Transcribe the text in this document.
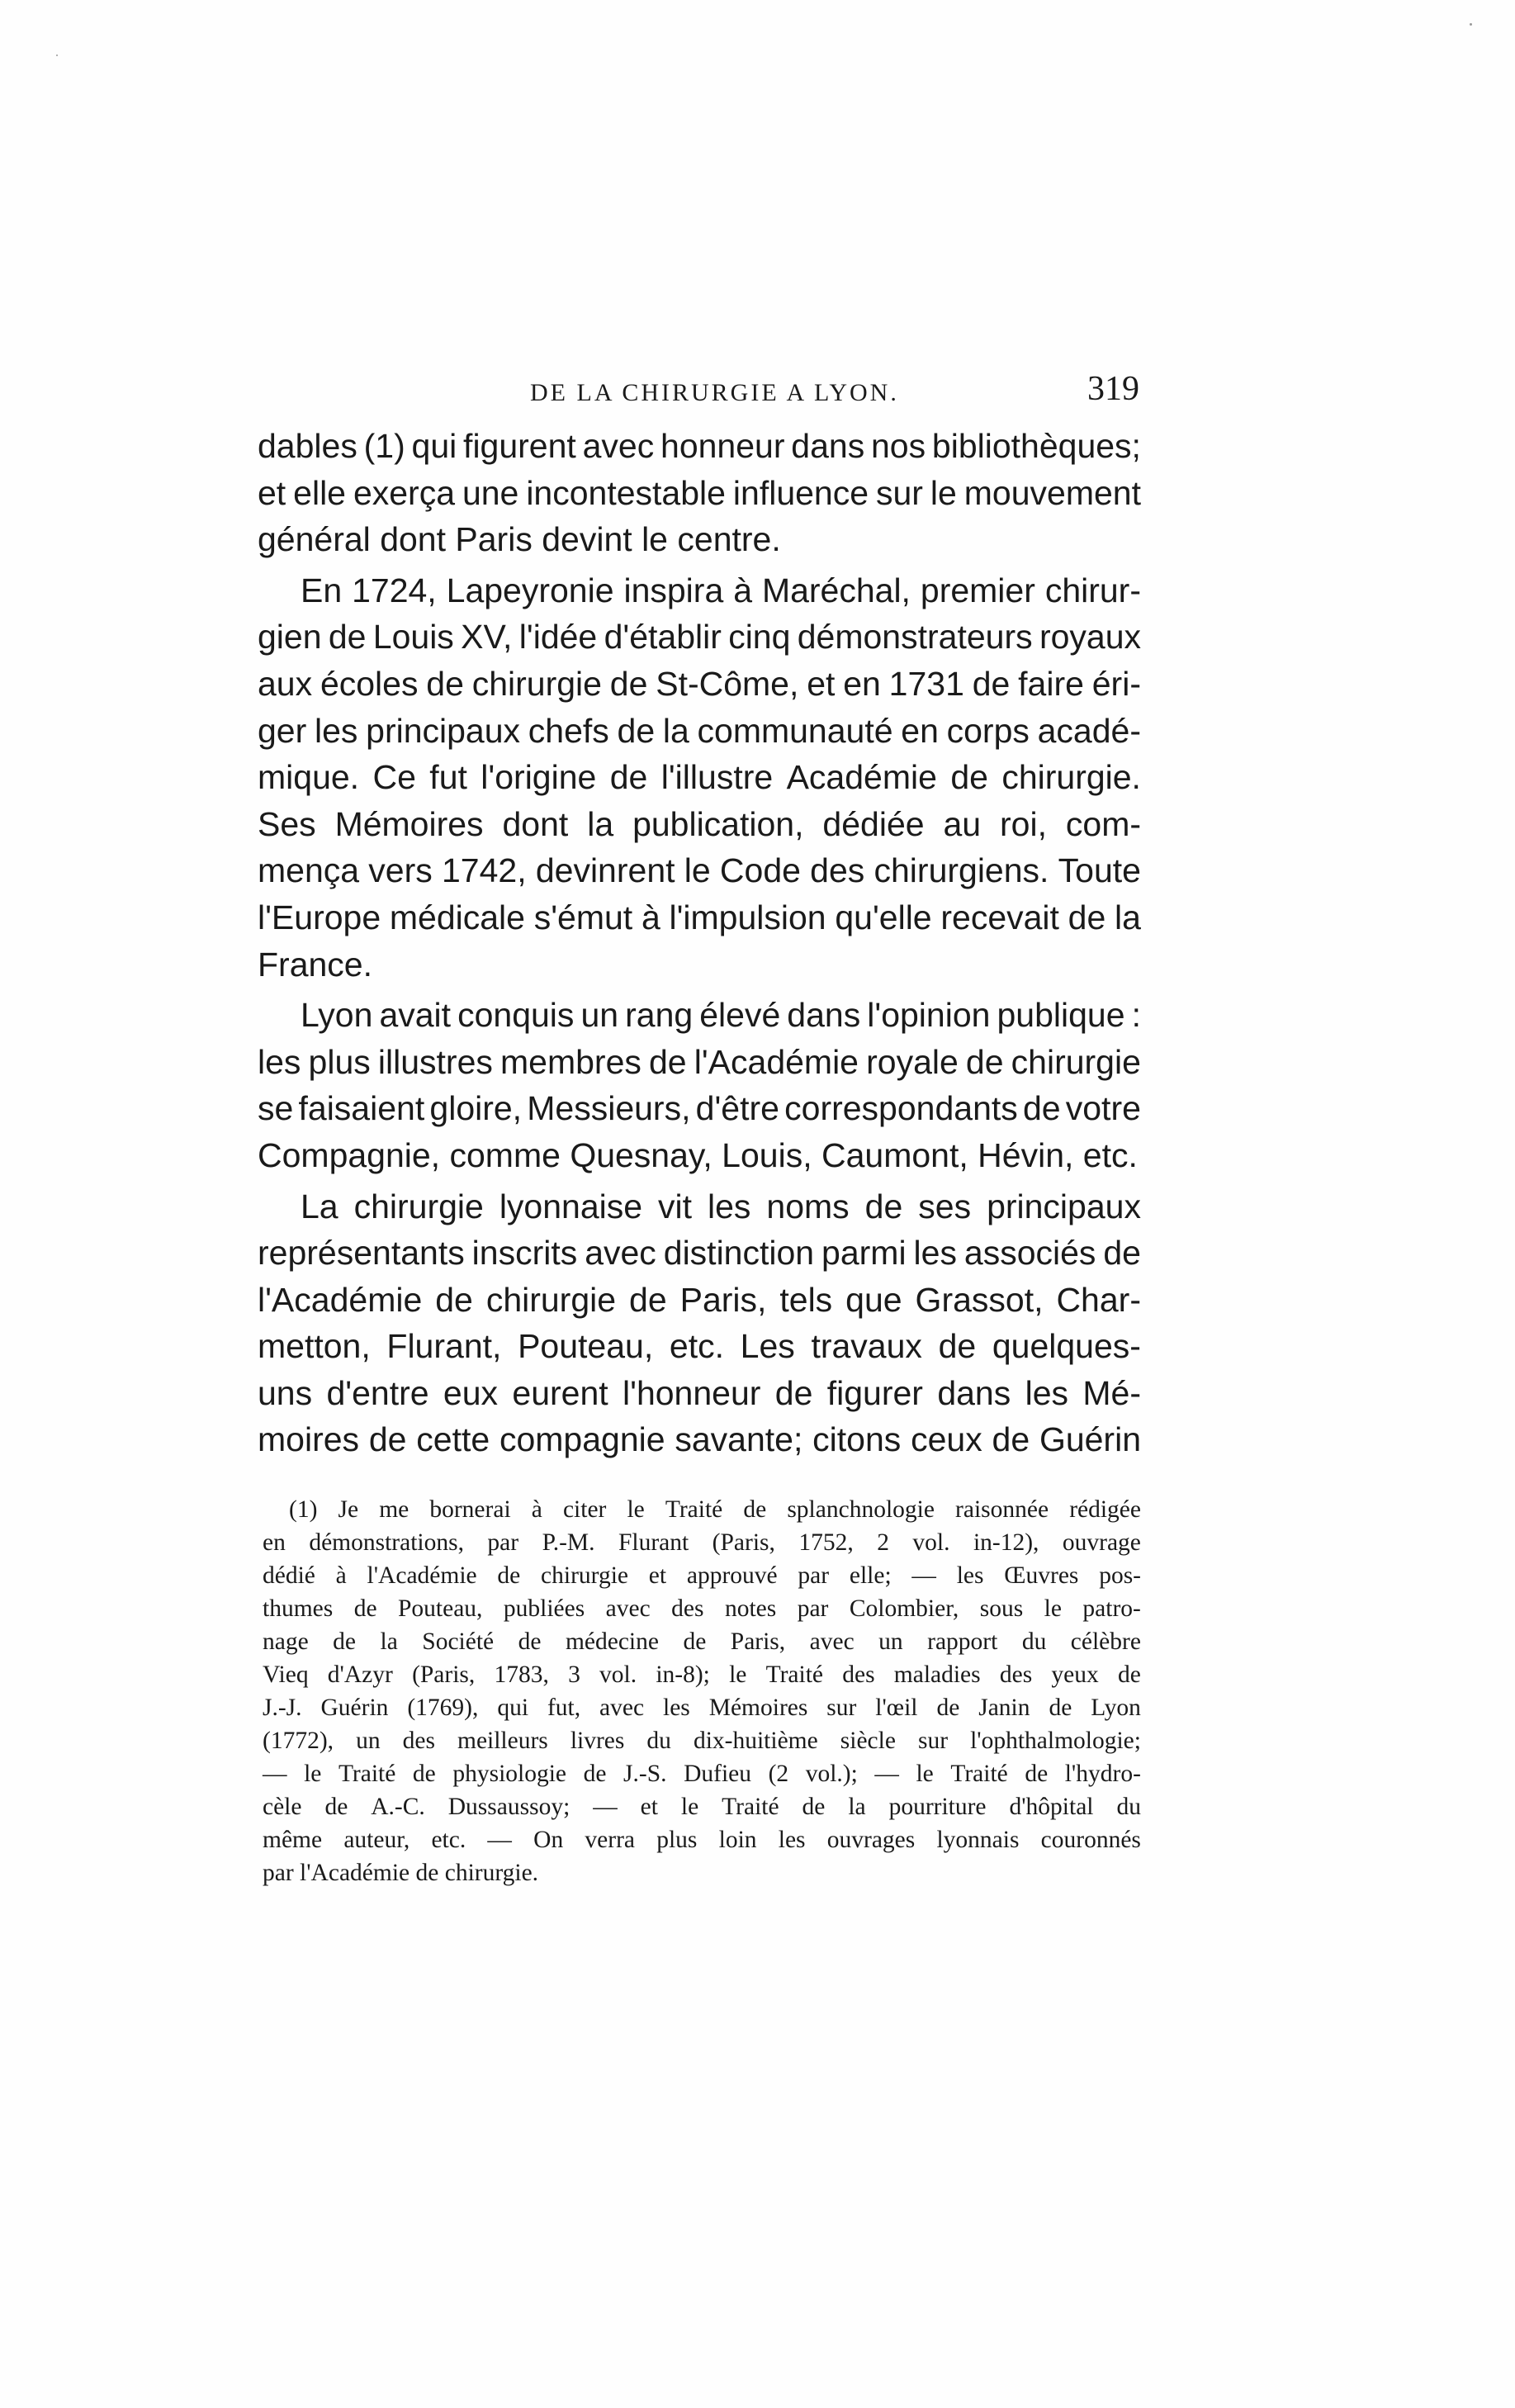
DE LA CHIRURGIE A LYON.	319
dables (1) qui figurent avec honneur dans nos bibliothèques;
et elle exerça une incontestable influence sur le mouvement
général
dont
Paris
devint
le
centre.
En 1724, Lapeyronie inspira à Maréchal, premier chirur-
gien de Louis XV, l'idée d'établir cinq démonstrateurs royaux
aux écoles de chirurgie de St-Côme, et en 1731 de faire éri-
ger les principaux chefs de la communauté en corps acadé-
mique. Ce fut l'origine de l'illustre Académie de chirurgie.
Ses Mémoires dont la publication, dédiée au roi, com-
mença vers 1742, devinrent le Code des chirurgiens. Toute
l'Europe médicale s'émut à l'impulsion qu'elle recevait de la
France.
Lyon avait conquis un rang élevé dans l'opinion publique :
les plus illustres membres de l'Académie royale de chirurgie
se faisaient gloire, Messieurs, d'être correspondants de votre
Compagnie,
comme
Quesnay,
Louis,
Caumont,
Hévin,
etc.
La chirurgie lyonnaise vit les noms de ses principaux
représentants inscrits avec distinction parmi les associés de
l'Académie de chirurgie de Paris, tels que Grassot, Char-
metton, Flurant, Pouteau, etc. Les travaux de quelques-
uns d'entre eux eurent l'honneur de figurer dans les Mé-
moires de cette compagnie savante; citons ceux de Guérin
(1) Je me bornerai à citer le Traité de splanchnologie raisonnée rédigée
en démonstrations, par P.-M. Flurant (Paris, 1752, 2 vol. in-12), ouvrage
dédié à l'Académie de chirurgie et approuvé par elle; — les Œuvres pos-
thumes de Pouteau, publiées avec des notes par Colombier, sous le patro-
nage de la Société de médecine de Paris, avec un rapport du célèbre
Vieq d'Azyr (Paris, 1783, 3 vol. in-8); le Traité des maladies des yeux de
J.-J. Guérin (1769), qui fut, avec les Mémoires sur l'œil de Janin de Lyon
(1772), un des meilleurs livres du dix-huitième siècle sur l'ophthalmologie;
— le Traité de physiologie de J.-S. Dufieu (2 vol.); — le Traité de l'hydro-
cèle de A.-C. Dussaussoy; — et le Traité de la pourriture d'hôpital du
même auteur, etc. — On verra plus loin les ouvrages lyonnais couronnés
par
l'Académie
de
chirurgie.
